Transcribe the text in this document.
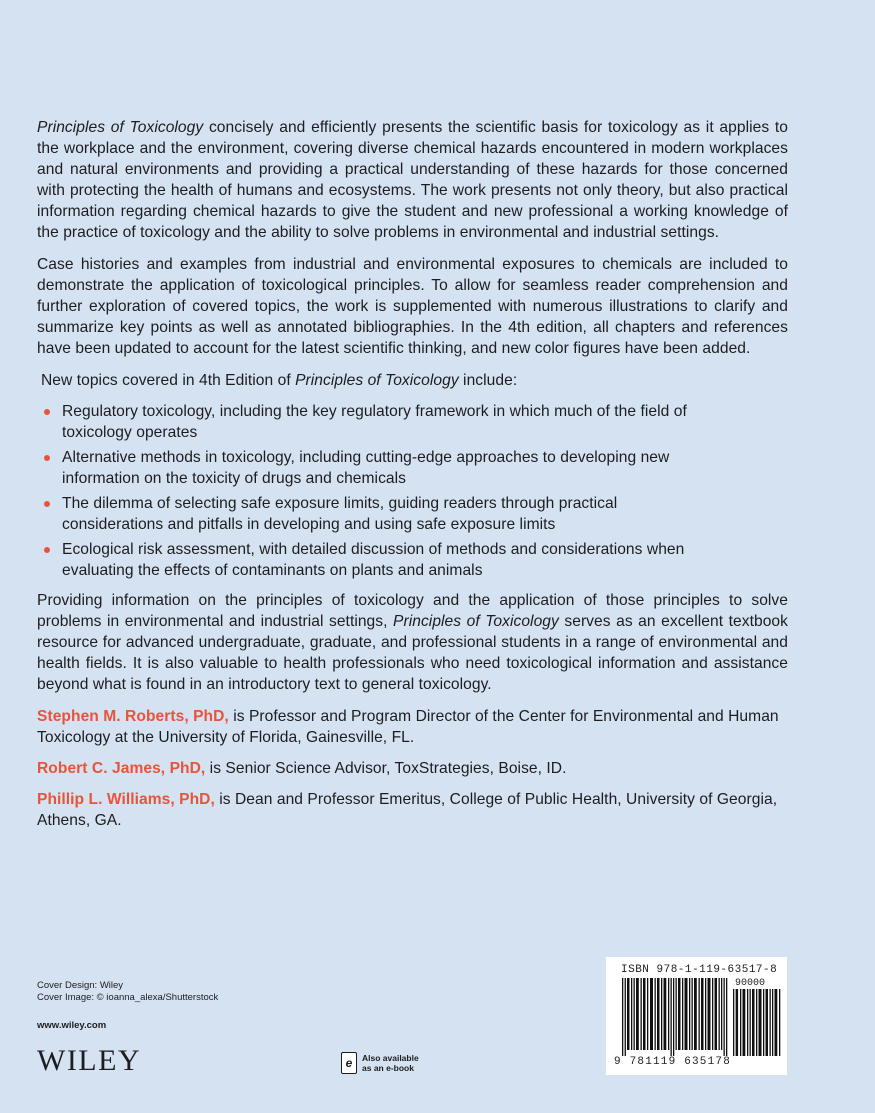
Principles of Toxicology concisely and efficiently presents the scientific basis for toxicology as it applies to the workplace and the environment, covering diverse chemical hazards encountered in modern workplaces and natural environments and providing a practical understanding of these hazards for those concerned with protecting the health of humans and ecosystems. The work presents not only theory, but also practical information regarding chemical hazards to give the student and new professional a working knowledge of the practice of toxicology and the ability to solve problems in environmental and industrial settings.

Case histories and examples from industrial and environmental exposures to chemicals are included to demonstrate the application of toxicological principles. To allow for seamless reader comprehension and further exploration of covered topics, the work is supplemented with numerous illustrations to clarify and summarize key points as well as annotated bibliographies. In the 4th edition, all chapters and references have been updated to account for the latest scientific thinking, and new color figures have been added.

New topics covered in 4th Edition of Principles of Toxicology include:

Regulatory toxicology, including the key regulatory framework in which much of the field of toxicology operates
Alternative methods in toxicology, including cutting-edge approaches to developing new information on the toxicity of drugs and chemicals
The dilemma of selecting safe exposure limits, guiding readers through practical considerations and pitfalls in developing and using safe exposure limits
Ecological risk assessment, with detailed discussion of methods and considerations when evaluating the effects of contaminants on plants and animals

Providing information on the principles of toxicology and the application of those principles to solve problems in environmental and industrial settings, Principles of Toxicology serves as an excellent textbook resource for advanced undergraduate, graduate, and professional students in a range of environmental and health fields. It is also valuable to health professionals who need toxicological information and assistance beyond what is found in an introductory text to general toxicology.

Stephen M. Roberts, PhD, is Professor and Program Director of the Center for Environmental and Human Toxicology at the University of Florida, Gainesville, FL.

Robert C. James, PhD, is Senior Science Advisor, ToxStrategies, Boise, ID.

Phillip L. Williams, PhD, is Dean and Professor Emeritus, College of Public Health, University of Georgia, Athens, GA.

Cover Design: Wiley
Cover Image: © ioanna_alexa/Shutterstock
www.wiley.com
WILEY	e	Also available
as an e-book
ISBN 978-1-119-63517-8
90000
9 781119 635178
